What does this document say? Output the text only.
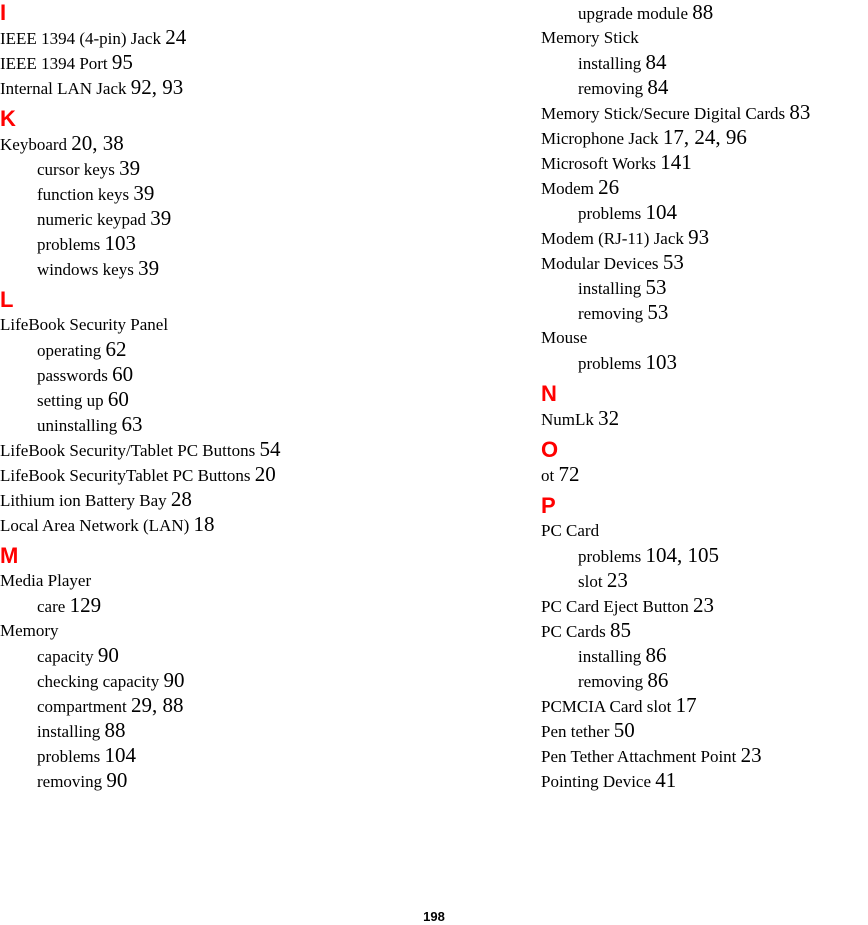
I
IEEE 1394 (4-pin) Jack 24
IEEE 1394 Port 95
Internal LAN Jack 92, 93
K
Keyboard 20, 38
cursor keys 39
function keys 39
numeric keypad 39
problems 103
windows keys 39
L
LifeBook Security Panel
operating 62
passwords 60
setting up 60
uninstalling 63
LifeBook Security/Tablet PC Buttons 54
LifeBook SecurityTablet PC Buttons 20
Lithium ion Battery Bay 28
Local Area Network (LAN) 18
M
Media Player
care 129
Memory
capacity 90
checking capacity 90
compartment 29, 88
installing 88
problems 104
removing 90
upgrade module 88
Memory Stick
installing 84
removing 84
Memory Stick/Secure Digital Cards 83
Microphone Jack 17, 24, 96
Microsoft Works 141
Modem 26
problems 104
Modem (RJ-11) Jack 93
Modular Devices 53
installing 53
removing 53
Mouse
problems 103
N
NumLk 32
O
ot 72
P
PC Card
problems 104, 105
slot 23
PC Card Eject Button 23
PC Cards 85
installing 86
removing 86
PCMCIA Card slot 17
Pen tether 50
Pen Tether Attachment Point 23
Pointing Device 41
198
